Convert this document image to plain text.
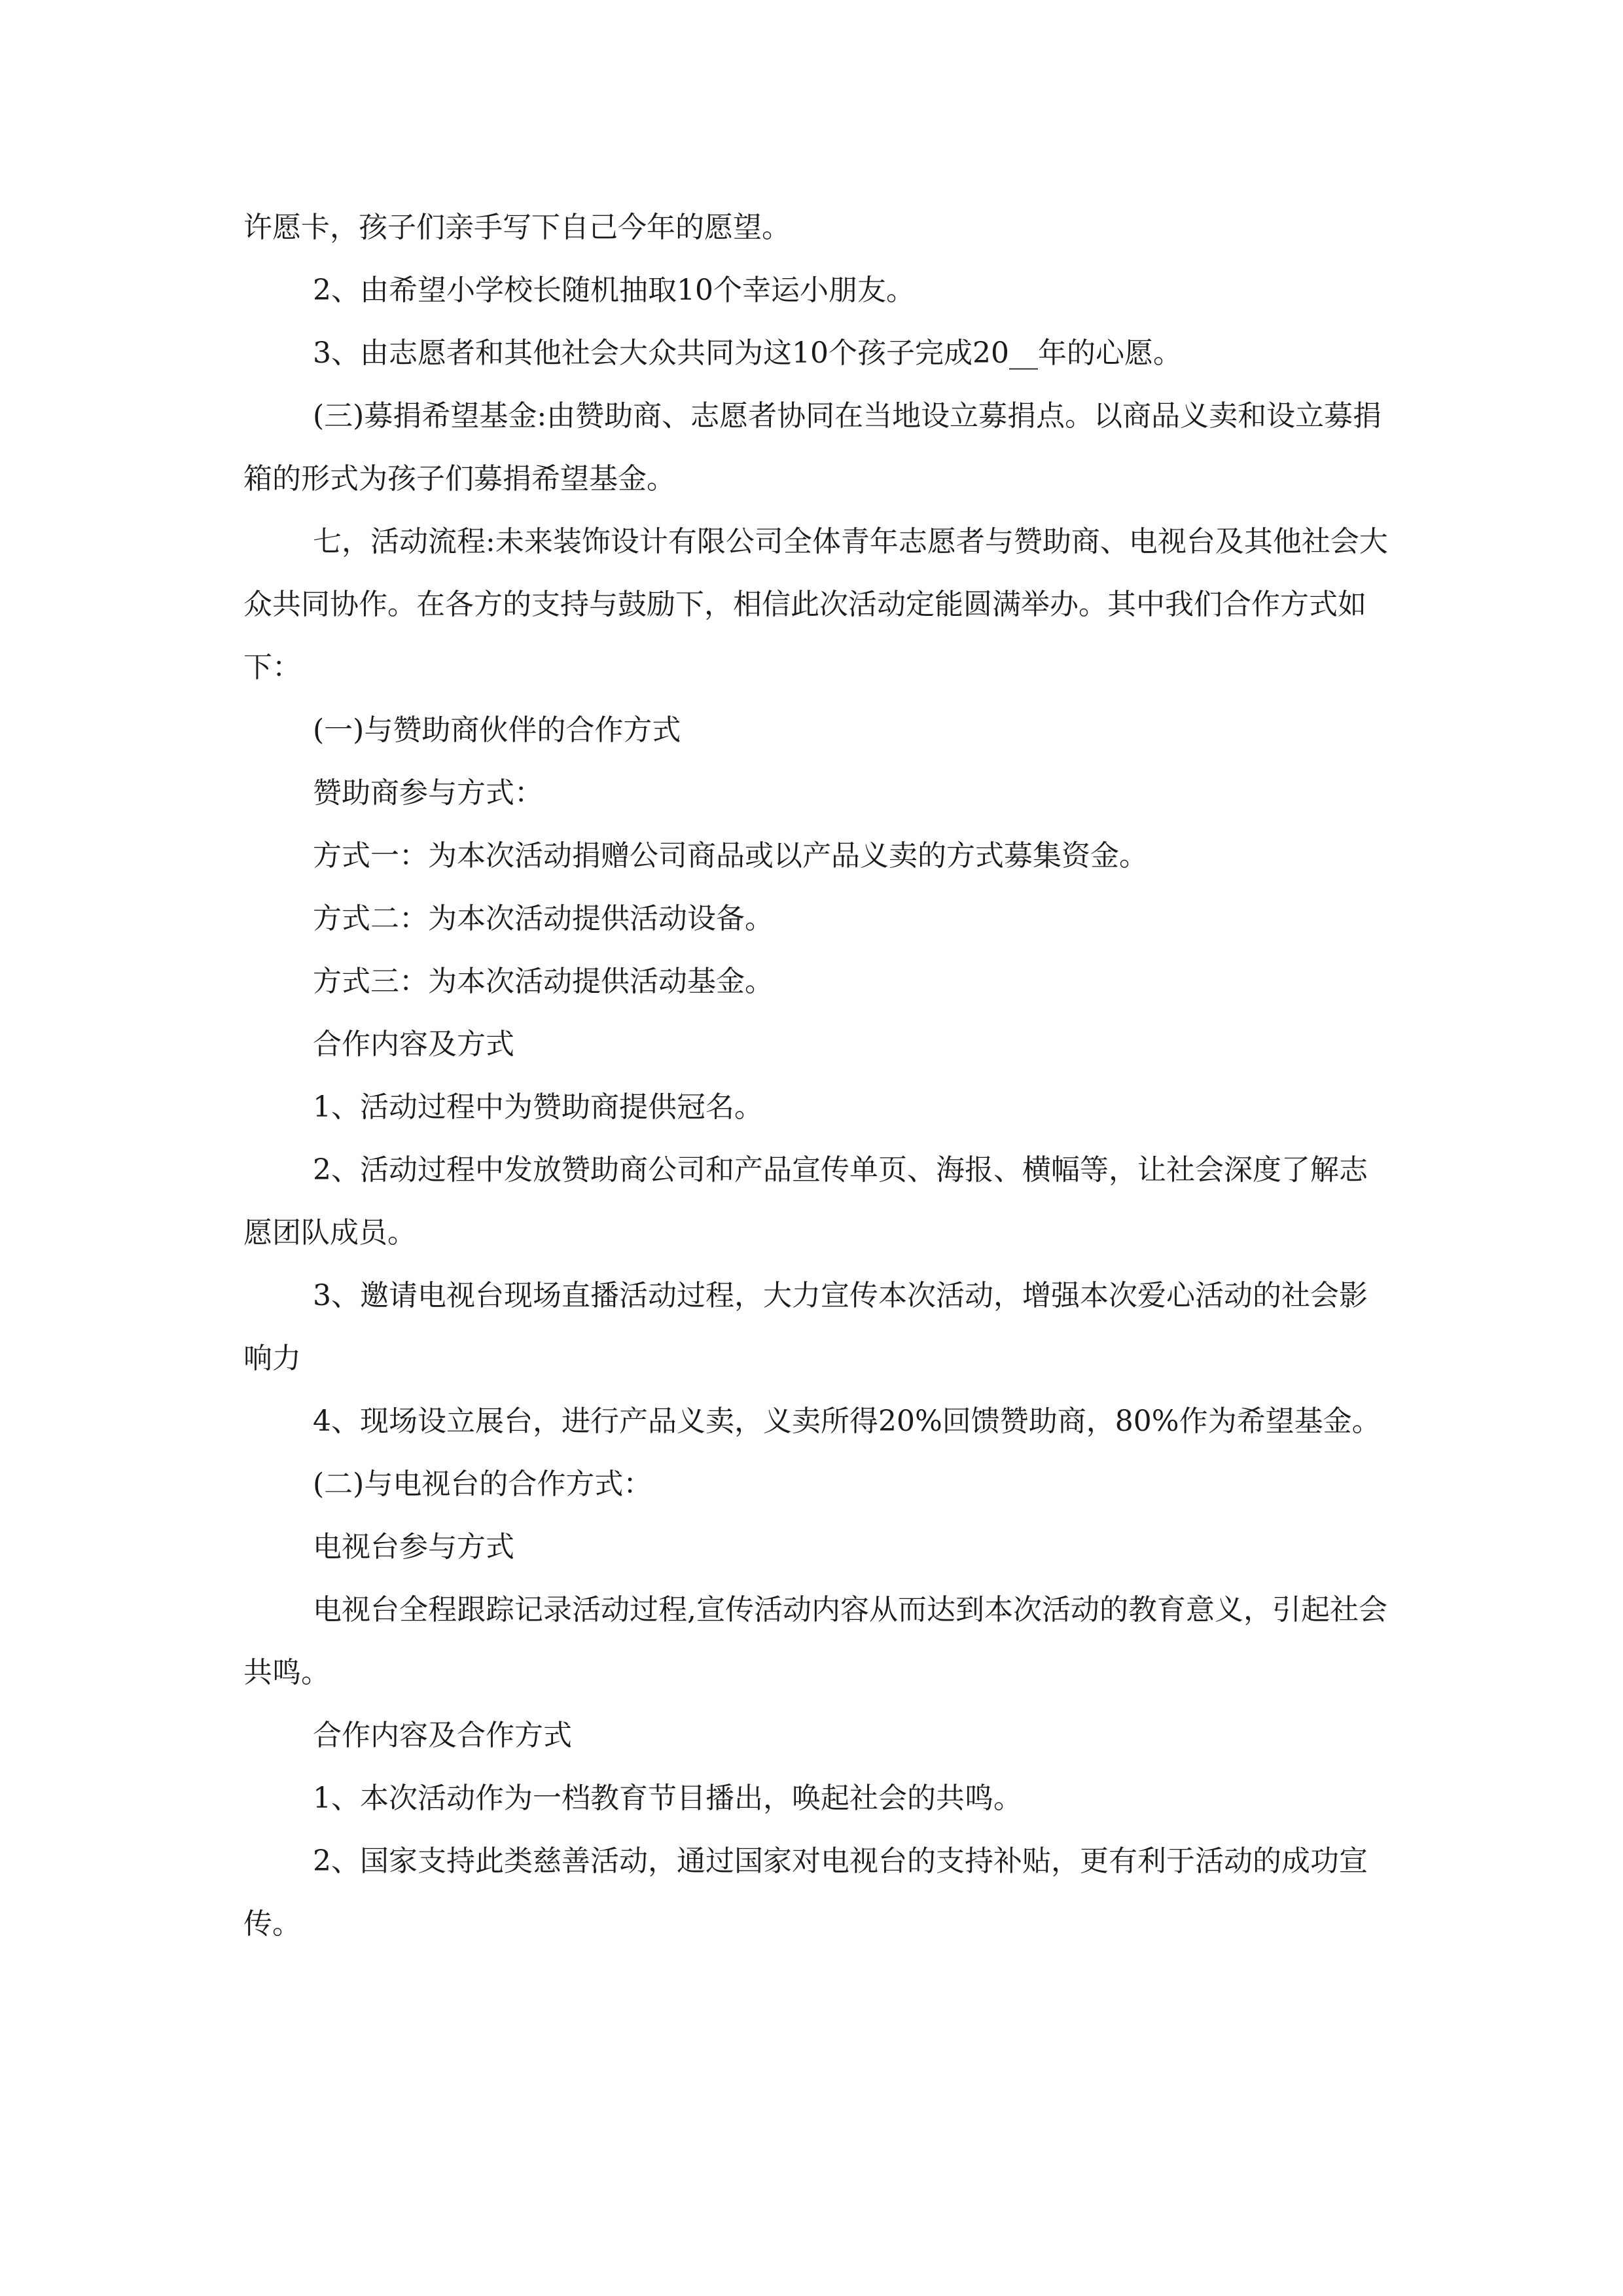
许愿卡，孩子们亲手写下自己今年的愿望。

2、由希望小学校长随机抽取10个幸运小朋友。

3、由志愿者和其他社会大众共同为这10个孩子完成20__年的心愿。

(三)募捐希望基金:由赞助商、志愿者协同在当地设立募捐点。以商品义卖和设立募捐箱的形式为孩子们募捐希望基金。

七，活动流程:未来装饰设计有限公司全体青年志愿者与赞助商、电视台及其他社会大众共同协作。在各方的支持与鼓励下，相信此次活动定能圆满举办。其中我们合作方式如下：

(一)与赞助商伙伴的合作方式

赞助商参与方式：

方式一：为本次活动捐赠公司商品或以产品义卖的方式募集资金。

方式二：为本次活动提供活动设备。

方式三：为本次活动提供活动基金。

合作内容及方式

1、活动过程中为赞助商提供冠名。

2、活动过程中发放赞助商公司和产品宣传单页、海报、横幅等，让社会深度了解志愿团队成员。

3、邀请电视台现场直播活动过程，大力宣传本次活动，增强本次爱心活动的社会影响力

4、现场设立展台，进行产品义卖，义卖所得20%回馈赞助商，80%作为希望基金。

(二)与电视台的合作方式：

电视台参与方式

电视台全程跟踪记录活动过程,宣传活动内容从而达到本次活动的教育意义，引起社会共鸣。

合作内容及合作方式

1、本次活动作为一档教育节目播出，唤起社会的共鸣。

2、国家支持此类慈善活动，通过国家对电视台的支持补贴，更有利于活动的成功宣传。
